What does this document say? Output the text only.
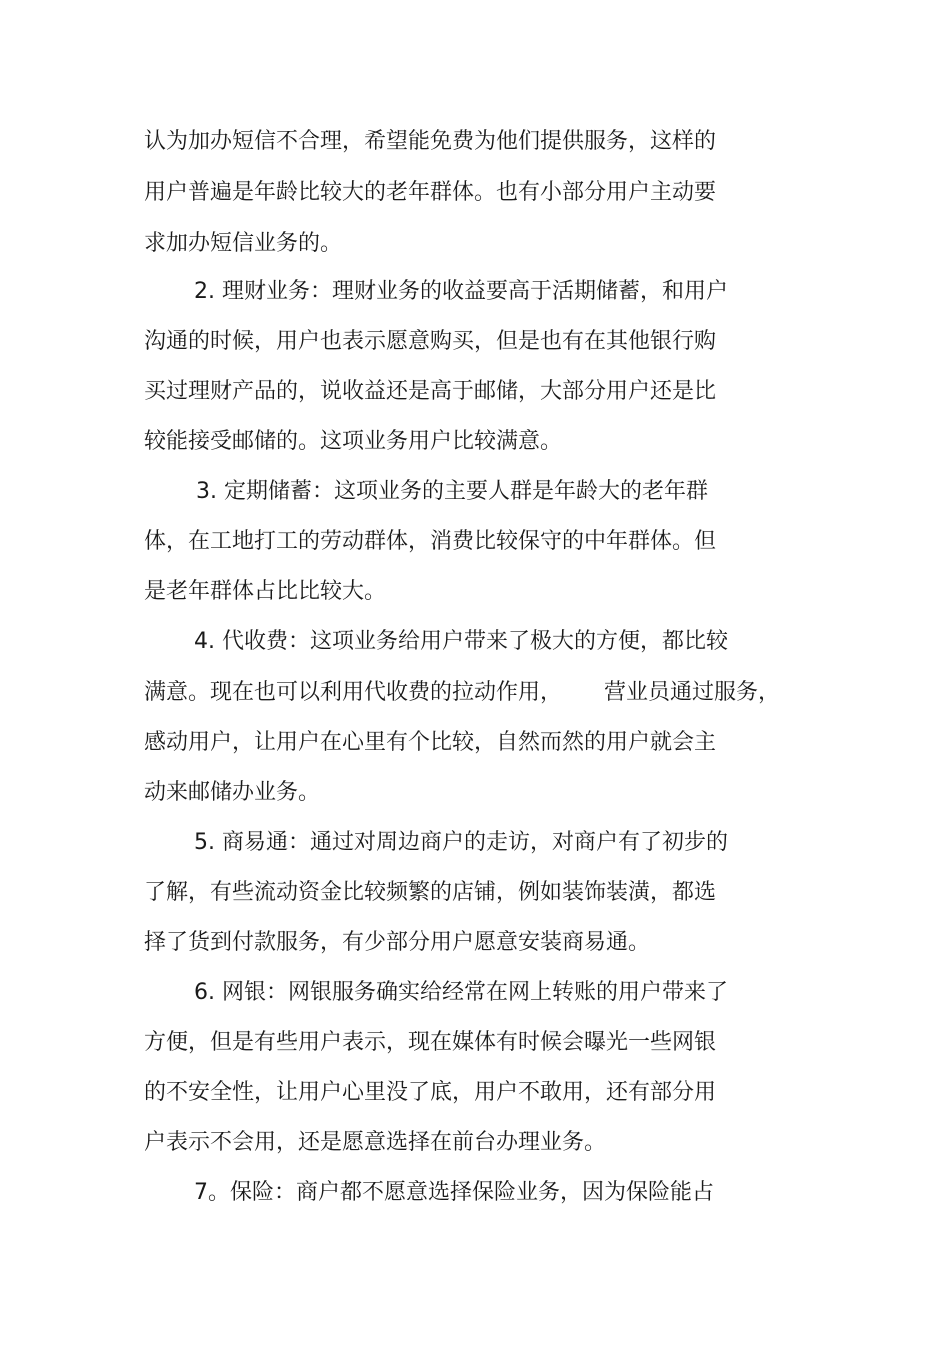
认为加办短信不合理，希望能免费为他们提供服务，这样的

用户普遍是年龄比较大的老年群体。也有小部分用户主动要

求加办短信业务的。

2. 理财业务：理财业务的收益要高于活期储蓄，和用户

沟通的时候，用户也表示愿意购买，但是也有在其他银行购

买过理财产品的，说收益还是高于邮储，大部分用户还是比

较能接受邮储的。这项业务用户比较满意。

3. 定期储蓄：这项业务的主要人群是年龄大的老年群

体，在工地打工的劳动群体，消费比较保守的中年群体。但

是老年群体占比比较大。

4. 代收费：这项业务给用户带来了极大的方便，都比较

满意。现在也可以利用代收费的拉动作用，      营业员通过服务，

感动用户，让用户在心里有个比较，自然而然的用户就会主

动来邮储办业务。

5. 商易通：通过对周边商户的走访，对商户有了初步的

了解，有些流动资金比较频繁的店铺，例如装饰装潢，都选

择了货到付款服务，有少部分用户愿意安装商易通。

6. 网银：网银服务确实给经常在网上转账的用户带来了

方便，但是有些用户表示，现在媒体有时候会曝光一些网银

的不安全性，让用户心里没了底，用户不敢用，还有部分用

户表示不会用，还是愿意选择在前台办理业务。

7。保险：商户都不愿意选择保险业务，因为保险能占
